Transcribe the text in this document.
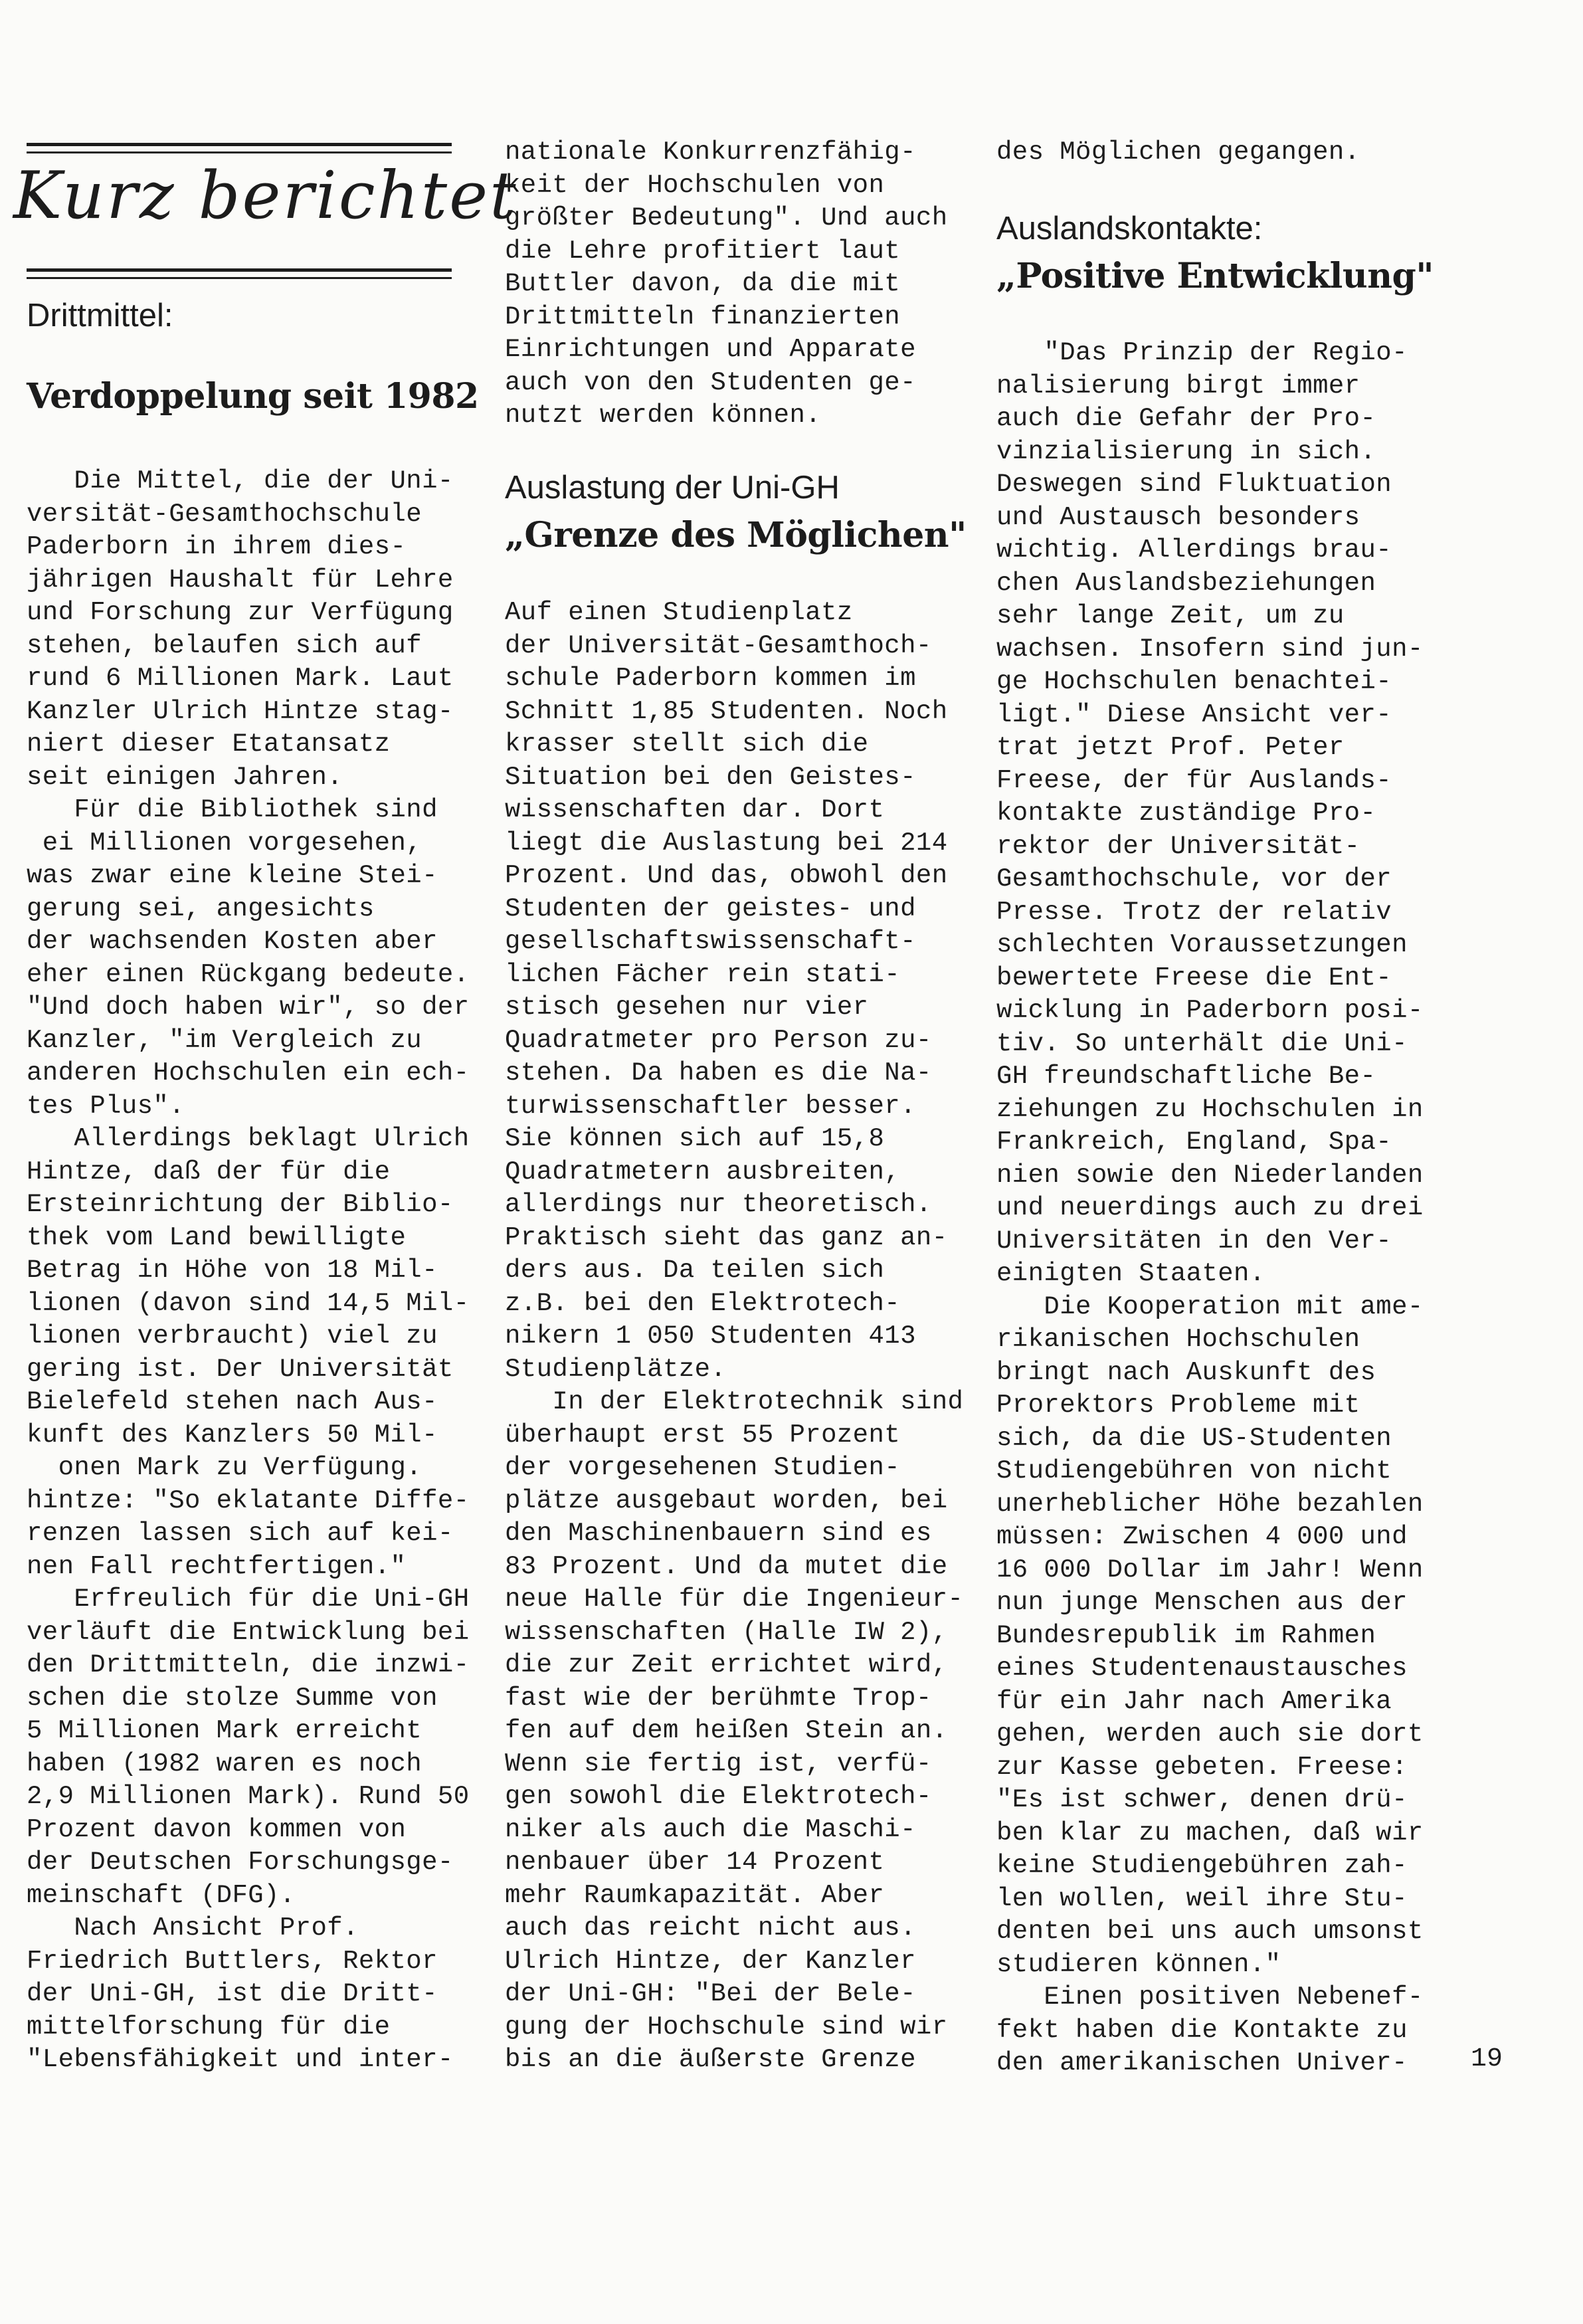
Kurz berichtet

Drittmittel:

Verdoppelung seit 1982

Die Mittel, die der Uni-
versität-Gesamthochschule
Paderborn in ihrem dies-
jährigen Haushalt für Lehre
und Forschung zur Verfügung
stehen, belaufen sich auf
rund 6 Millionen Mark. Laut
Kanzler Ulrich Hintze stag-
niert dieser Etatansatz
seit einigen Jahren.
Für die Bibliothek sind
ei Millionen vorgesehen,
was zwar eine kleine Stei-
gerung sei, angesichts
der wachsenden Kosten aber
eher einen Rückgang bedeute.
"Und doch haben wir", so der
Kanzler, "im Vergleich zu
anderen Hochschulen ein ech-
tes Plus".
Allerdings beklagt Ulrich
Hintze, daß der für die
Ersteinrichtung der Biblio-
thek vom Land bewilligte
Betrag in Höhe von 18 Mil-
lionen (davon sind 14,5 Mil-
lionen verbraucht) viel zu
gering ist. Der Universität
Bielefeld stehen nach Aus-
kunft des Kanzlers 50 Mil-
onen Mark zu Verfügung.
hintze: "So eklatante Diffe-
renzen lassen sich auf kei-
nen Fall rechtfertigen."
Erfreulich für die Uni-GH
verläuft die Entwicklung bei
den Drittmitteln, die inzwi-
schen die stolze Summe von
5 Millionen Mark erreicht
haben (1982 waren es noch
2,9 Millionen Mark). Rund 50
Prozent davon kommen von
der Deutschen Forschungsge-
meinschaft (DFG).
Nach Ansicht Prof.
Friedrich Buttlers, Rektor
der Uni-GH, ist die Dritt-
mittelforschung für die
"Lebensfähigkeit und inter-
nationale Konkurrenzfähig-
keit der Hochschulen von
größter Bedeutung". Und auch
die Lehre profitiert laut
Buttler davon, da die mit
Drittmitteln finanzierten
Einrichtungen und Apparate
auch von den Studenten ge-
nutzt werden können.

Auslastung der Uni-GH

„Grenze des Möglichen"

Auf einen Studienplatz
der Universität-Gesamthoch-
schule Paderborn kommen im
Schnitt 1,85 Studenten. Noch
krasser stellt sich die
Situation bei den Geistes-
wissenschaften dar. Dort
liegt die Auslastung bei 214
Prozent. Und das, obwohl den
Studenten der geistes- und
gesellschaftswissenschaft-
lichen Fächer rein stati-
stisch gesehen nur vier
Quadratmeter pro Person zu-
stehen. Da haben es die Na-
turwissenschaftler besser.
Sie können sich auf 15,8
Quadratmetern ausbreiten,
allerdings nur theoretisch.
Praktisch sieht das ganz an-
ders aus. Da teilen sich
z.B. bei den Elektrotech-
nikern 1 050 Studenten 413
Studienplätze.
In der Elektrotechnik sind
überhaupt erst 55 Prozent
der vorgesehenen Studien-
plätze ausgebaut worden, bei
den Maschinenbauern sind es
83 Prozent. Und da mutet die
neue Halle für die Ingenieur-
wissenschaften (Halle IW 2),
die zur Zeit errichtet wird,
fast wie der berühmte Trop-
fen auf dem heißen Stein an.
Wenn sie fertig ist, verfü-
gen sowohl die Elektrotech-
niker als auch die Maschi-
nenbauer über 14 Prozent
mehr Raumkapazität. Aber
auch das reicht nicht aus.
Ulrich Hintze, der Kanzler
der Uni-GH: "Bei der Bele-
gung der Hochschule sind wir
bis an die äußerste Grenze
des Möglichen gegangen.

Auslandskontakte:

„Positive Entwicklung"

"Das Prinzip der Regio-
nalisierung birgt immer
auch die Gefahr der Pro-
vinzialisierung in sich.
Deswegen sind Fluktuation
und Austausch besonders
wichtig. Allerdings brau-
chen Auslandsbeziehungen
sehr lange Zeit, um zu
wachsen. Insofern sind jun-
ge Hochschulen benachtei-
ligt." Diese Ansicht ver-
trat jetzt Prof. Peter
Freese, der für Auslands-
kontakte zuständige Pro-
rektor der Universität-
Gesamthochschule, vor der
Presse. Trotz der relativ
schlechten Voraussetzungen
bewertete Freese die Ent-
wicklung in Paderborn posi-
tiv. So unterhält die Uni-
GH freundschaftliche Be-
ziehungen zu Hochschulen in
Frankreich, England, Spa-
nien sowie den Niederlanden
und neuerdings auch zu drei
Universitäten in den Ver-
einigten Staaten.
Die Kooperation mit ame-
rikanischen Hochschulen
bringt nach Auskunft des
Prorektors Probleme mit
sich, da die US-Studenten
Studiengebühren von nicht
unerheblicher Höhe bezahlen
müssen: Zwischen 4 000 und
16 000 Dollar im Jahr! Wenn
nun junge Menschen aus der
Bundesrepublik im Rahmen
eines Studentenaustausches
für ein Jahr nach Amerika
gehen, werden auch sie dort
zur Kasse gebeten. Freese:
"Es ist schwer, denen drü-
ben klar zu machen, daß wir
keine Studiengebühren zah-
len wollen, weil ihre Stu-
denten bei uns auch umsonst
studieren können."
Einen positiven Nebenef-
fekt haben die Kontakte zu
den amerikanischen Univer-	19
